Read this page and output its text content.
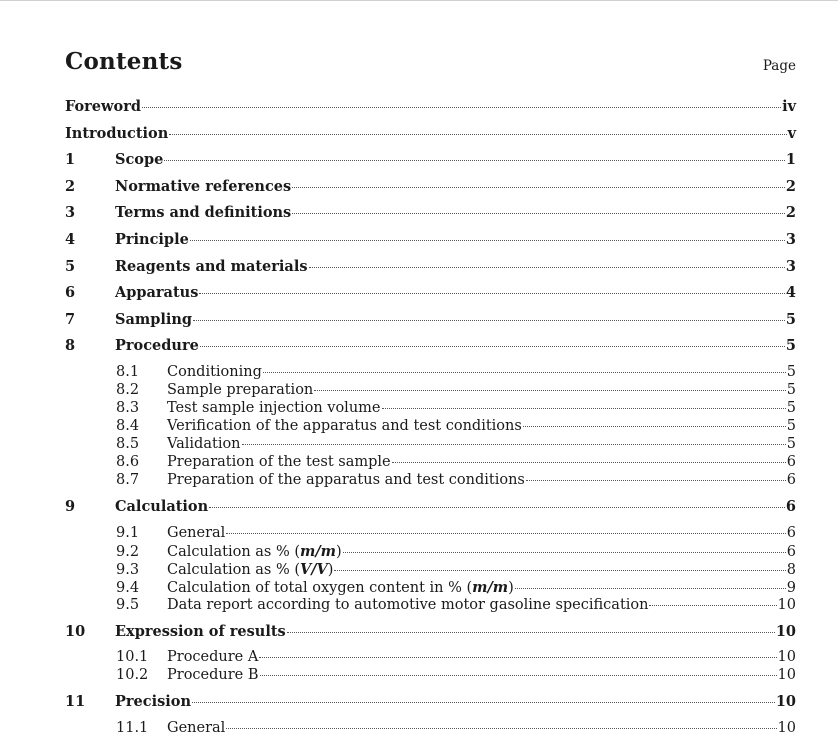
Contents	Page
Foreword	iv
Introduction	v
1	Scope	1
2	Normative references	2
3	Terms and definitions	2
4	Principle	3
5	Reagents and materials	3
6	Apparatus	4
7	Sampling	5
8	Procedure	5
8.1	Conditioning	5
8.2	Sample preparation	5
8.3	Test sample injection volume	5
8.4	Verification of the apparatus and test conditions	5
8.5	Validation	5
8.6	Preparation of the test sample	6
8.7	Preparation of the apparatus and test conditions	6
9	Calculation	6
9.1	General	6
9.2	Calculation as % (m/m)	6
9.3	Calculation as % (V/V)	8
9.4	Calculation of total oxygen content in % (m/m)	9
9.5	Data report according to automotive motor gasoline specification	10
10	Expression of results	10
10.1	Procedure A	10
10.2	Procedure B	10
11	Precision	10
11.1	General	10
